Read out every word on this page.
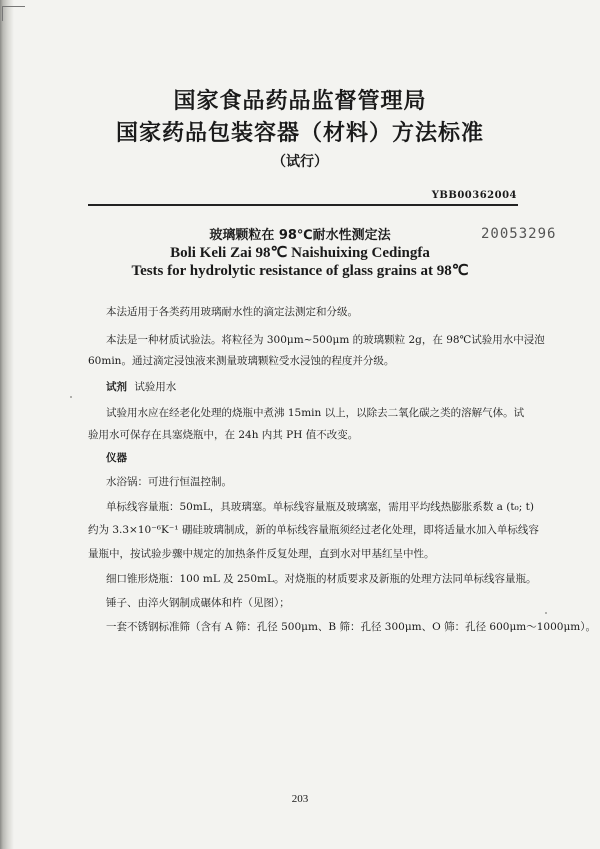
国家食品药品监督管理局
国家药品包装容器（材料）方法标准
（试行）
YBB00362004
20053296
玻璃颗粒在 98℃耐水性测定法
Boli Keli Zai 98℃ Naishuixing Cedingfa
Tests for hydrolytic resistance of glass grains at 98℃
本法适用于各类药用玻璃耐水性的滴定法测定和分级。
本法是一种材质试验法。将粒径为 300μm~500μm 的玻璃颗粒 2g，在 98℃试验用水中浸泡
60min。通过滴定浸蚀液来测量玻璃颗粒受水浸蚀的程度并分级。
试剂 试验用水
试验用水应在经老化处理的烧瓶中煮沸 15min 以上，以除去二氧化碳之类的溶解气体。试
验用水可保存在具塞烧瓶中，在 24h 内其 PH 值不改变。
仪器
水浴锅：可进行恒温控制。
单标线容量瓶：50mL，具玻璃塞。单标线容量瓶及玻璃塞，需用平均线热膨胀系数 a (t₀; t)
约为 3.3×10⁻⁶K⁻¹ 硼硅玻璃制成，新的单标线容量瓶须经过老化处理，即将适量水加入单标线容
量瓶中，按试验步骤中规定的加热条件反复处理，直到水对甲基红呈中性。
细口锥形烧瓶：100 mL 及 250mL。对烧瓶的材质要求及新瓶的处理方法同单标线容量瓶。
锤子、由淬火钢制成碾体和杵（见图）；
一套不锈钢标准筛（含有 A 筛：孔径 500μm、B 筛：孔径 300μm、O 筛：孔径 600μm～1000μm）。
203
